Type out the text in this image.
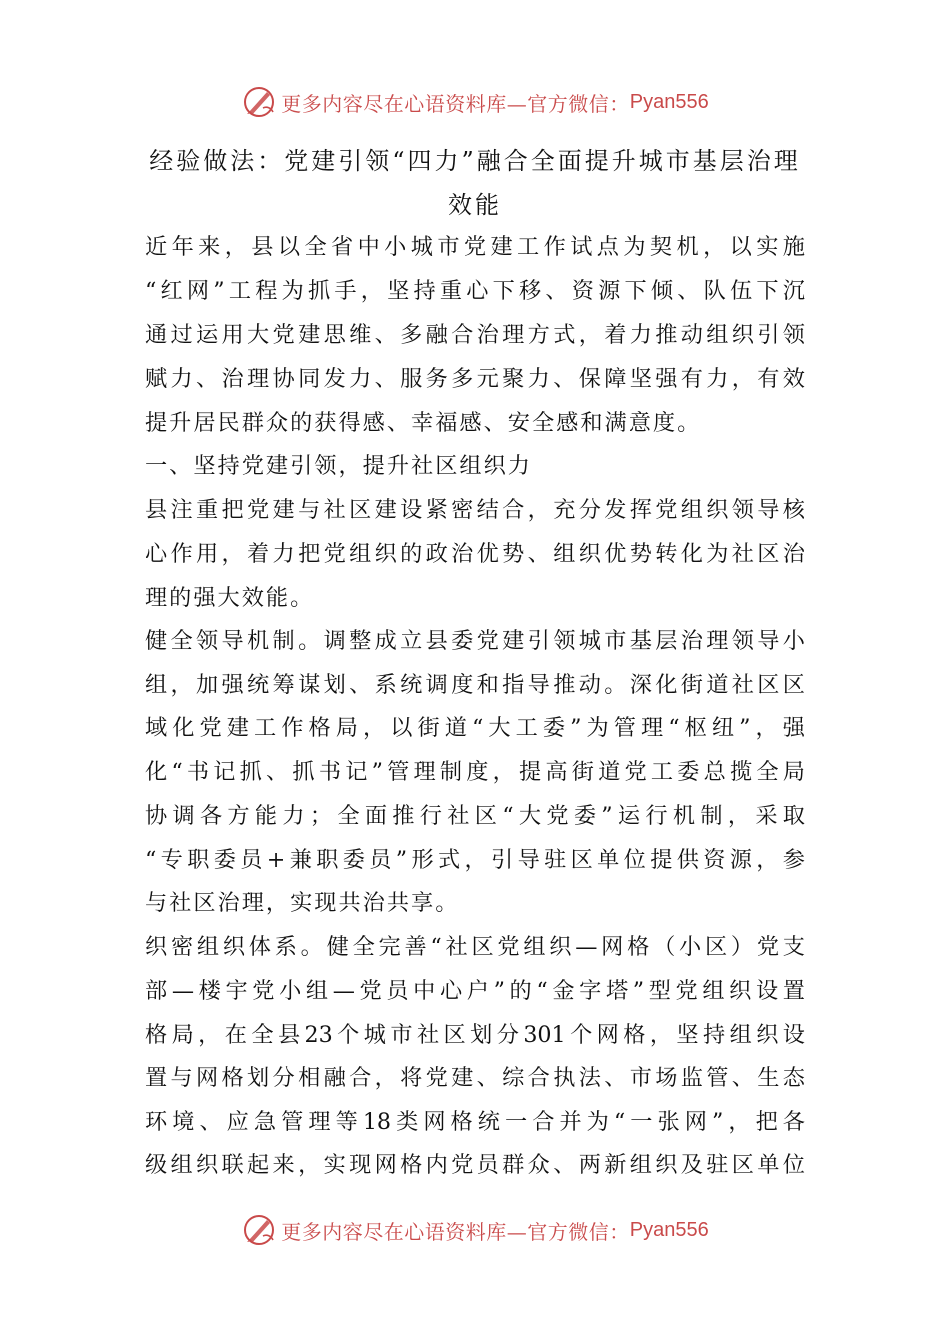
更多内容尽在心语资料库—官方微信： Pyan556
经验做法：党建引领“四力”融合全面提升城市基层治理
效能
近年来，县以全省中小城市党建工作试点为契机，以实施
“红网”工程为抓手，坚持重心下移、资源下倾、队伍下沉
通过运用大党建思维、多融合治理方式，着力推动组织引领
赋力、治理协同发力、服务多元聚力、保障坚强有力，有效
提升居民群众的获得感、幸福感、安全感和满意度。
一、坚持党建引领，提升社区组织力
县注重把党建与社区建设紧密结合，充分发挥党组织领导核
心作用，着力把党组织的政治优势、组织优势转化为社区治
理的强大效能。
健全领导机制。调整成立县委党建引领城市基层治理领导小
组，加强统筹谋划、系统调度和指导推动。深化街道社区区
域化党建工作格局，以街道“大工委”为管理“枢纽”，强
化“书记抓、抓书记”管理制度，提高街道党工委总揽全局
协调各方能力；全面推行社区“大党委”运行机制，采取
“专职委员+兼职委员”形式，引导驻区单位提供资源，参
与社区治理，实现共治共享。
织密组织体系。健全完善“社区党组织—网格（小区）党支
部—楼宇党小组—党员中心户”的“金字塔”型党组织设置
格局，在全县23个城市社区划分301个网格，坚持组织设
置与网格划分相融合，将党建、综合执法、市场监管、生态
环境、应急管理等18类网格统一合并为“一张网”，把各
级组织联起来，实现网格内党员群众、两新组织及驻区单位
更多内容尽在心语资料库—官方微信： Pyan556
